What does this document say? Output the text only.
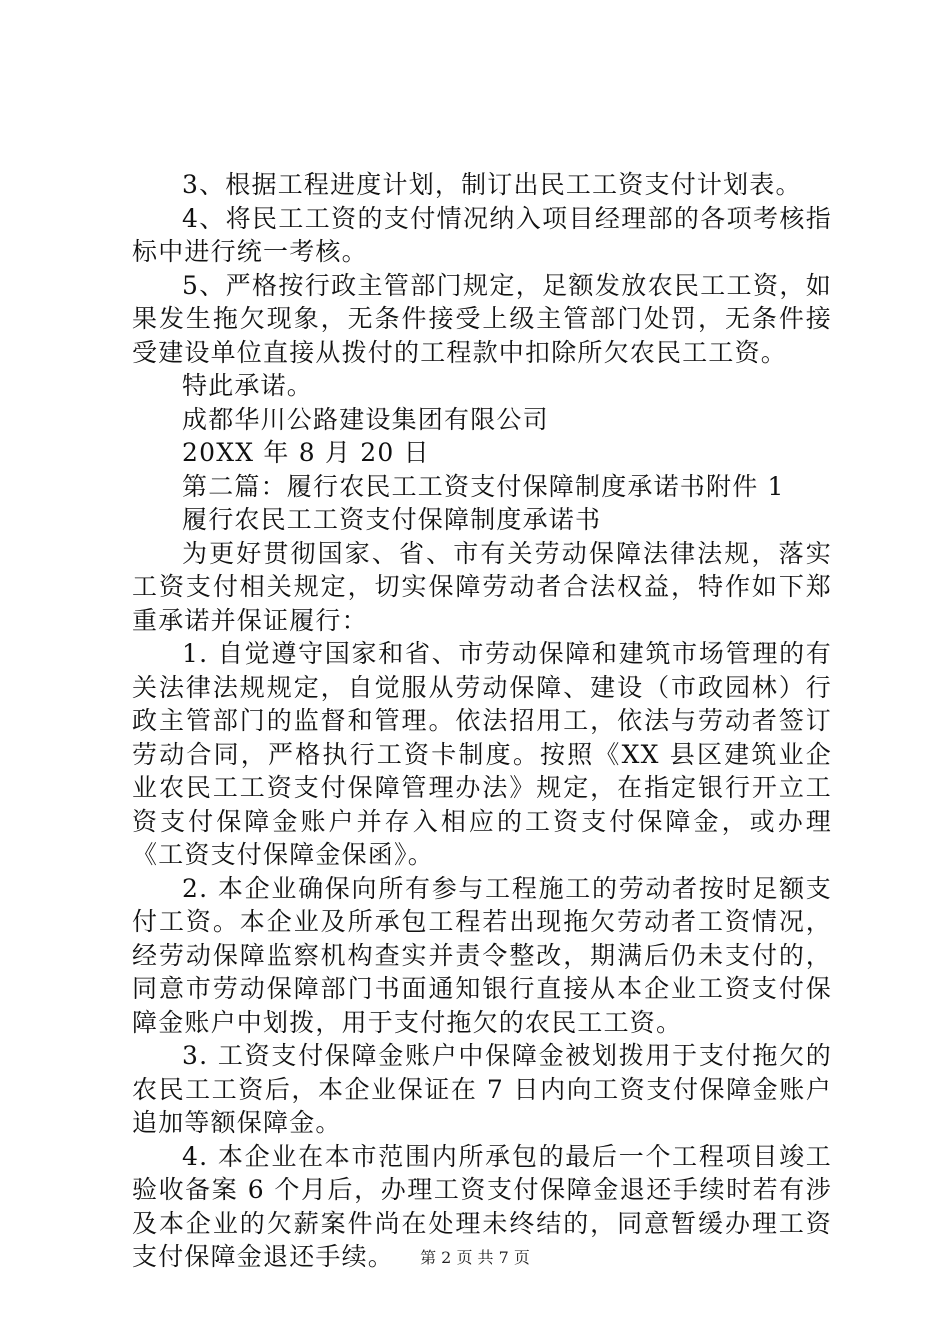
3、根据工程进度计划，制订出民工工资支付计划表。

4、将民工工资的支付情况纳入项目经理部的各项考核指标中进行统一考核。

5、严格按行政主管部门规定，足额发放农民工工资，如果发生拖欠现象，无条件接受上级主管部门处罚，无条件接受建设单位直接从拨付的工程款中扣除所欠农民工工资。

特此承诺。

成都华川公路建设集团有限公司

20XX 年 8 月 20 日

第二篇：履行农民工工资支付保障制度承诺书附件 1

履行农民工工资支付保障制度承诺书

为更好贯彻国家、省、市有关劳动保障法律法规，落实工资支付相关规定，切实保障劳动者合法权益，特作如下郑重承诺并保证履行：

1. 自觉遵守国家和省、市劳动保障和建筑市场管理的有关法律法规规定，自觉服从劳动保障、建设（市政园林）行政主管部门的监督和管理。依法招用工，依法与劳动者签订劳动合同，严格执行工资卡制度。按照《XX 县区建筑业企业农民工工资支付保障管理办法》规定，在指定银行开立工资支付保障金账户并存入相应的工资支付保障金，或办理《工资支付保障金保函》。

2. 本企业确保向所有参与工程施工的劳动者按时足额支付工资。本企业及所承包工程若出现拖欠劳动者工资情况，经劳动保障监察机构查实并责令整改，期满后仍未支付的，同意市劳动保障部门书面通知银行直接从本企业工资支付保障金账户中划拨，用于支付拖欠的农民工工资。

3. 工资支付保障金账户中保障金被划拨用于支付拖欠的农民工工资后，本企业保证在 7 日内向工资支付保障金账户追加等额保障金。

4. 本企业在本市范围内所承包的最后一个工程项目竣工验收备案 6 个月后，办理工资支付保障金退还手续时若有涉及本企业的欠薪案件尚在处理未终结的，同意暂缓办理工资支付保障金退还手续。	第 2 页 共 7 页
